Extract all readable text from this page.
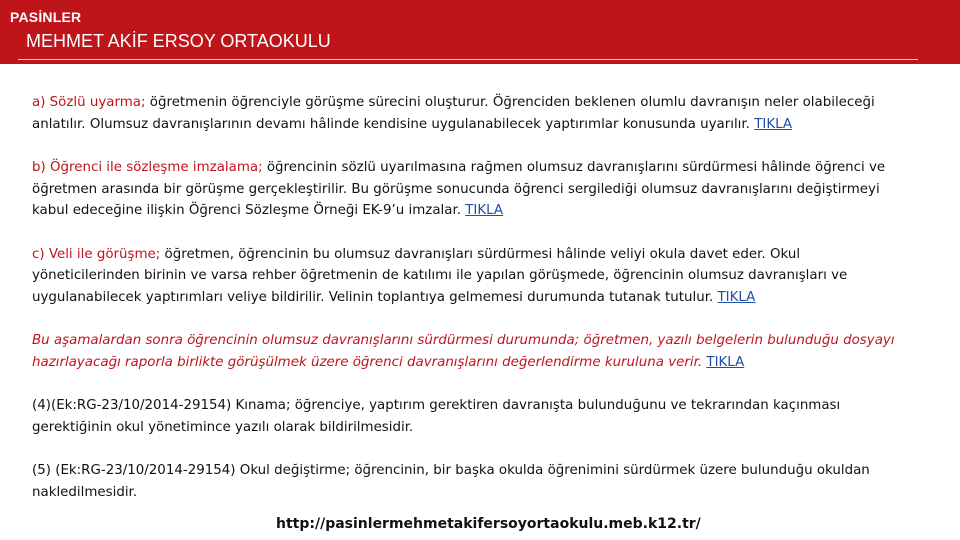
PASİNLER
MEHMET AKİF ERSOY ORTAOKULU

a) Sözlü uyarma; öğretmenin öğrenciyle görüşme sürecini oluşturur. Öğrenciden beklenen olumlu davranışın neler olabileceği anlatılır. Olumsuz davranışlarının devamı hâlinde kendisine uygulanabilecek yaptırımlar konusunda uyarılır. TIKLA

b) Öğrenci ile sözleşme imzalama; öğrencinin sözlü uyarılmasına rağmen olumsuz davranışlarını sürdürmesi hâlinde öğrenci ve öğretmen arasında bir görüşme gerçekleştirilir. Bu görüşme sonucunda öğrenci sergilediği olumsuz davranışlarını değiştirmeyi kabul edeceğine ilişkin Öğrenci Sözleşme Örneği EK-9’u imzalar. TIKLA

c) Veli ile görüşme; öğretmen, öğrencinin bu olumsuz davranışları sürdürmesi hâlinde veliyi okula davet eder. Okul yöneticilerinden birinin ve varsa rehber öğretmenin de katılımı ile yapılan görüşmede, öğrencinin olumsuz davranışları ve uygulanabilecek yaptırımları veliye bildirilir. Velinin toplantıya gelmemesi durumunda tutanak tutulur. TIKLA

Bu aşamalardan sonra öğrencinin olumsuz davranışlarını sürdürmesi durumunda; öğretmen, yazılı belgelerin bulunduğu dosyayı hazırlayacağı raporla birlikte görüşülmek üzere öğrenci davranışlarını değerlendirme kuruluna verir. TIKLA

(4)(Ek:RG-23/10/2014-29154) Kınama; öğrenciye, yaptırım gerektiren davranışta bulunduğunu ve tekrarından kaçınması gerektiğinin okul yönetimince yazılı olarak bildirilmesidir.

(5) (Ek:RG-23/10/2014-29154) Okul değiştirme; öğrencinin, bir başka okulda öğrenimini sürdürmek üzere bulunduğu okuldan nakledilmesidir.

http://pasinlermehmetakifersoyortaokulu.meb.k12.tr/
